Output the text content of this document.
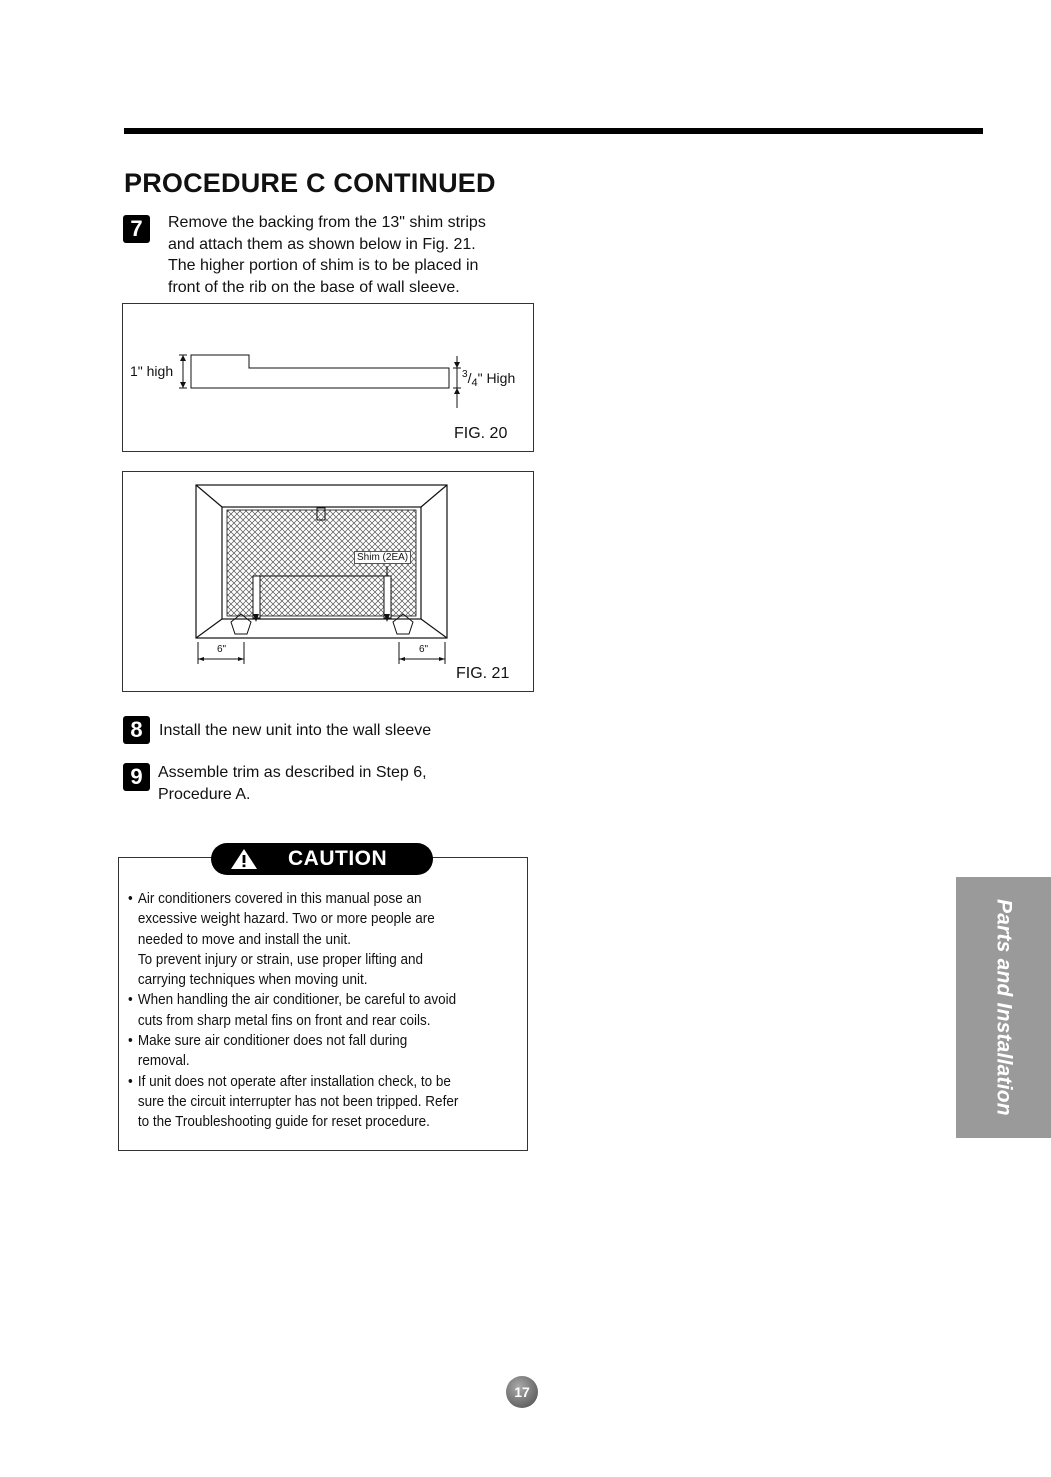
PROCEDURE C CONTINUED
7	Remove the backing from the 13" shim strips
and attach them as shown below in Fig. 21.
The higher portion of shim is to be placed in
front of the rib on the base of wall sleeve.
1" high	$^3/_4$" High
FIG. 20
Shim (2EA)
6"	6"
FIG. 21
8	Install the new unit into the wall sleeve
9 Assemble trim as described in Step 6,
Procedure A.
CAUTION
• Air conditioners covered in this manual pose an
excessive weight hazard. Two or more people are
needed to move and install the unit.
To prevent injury or strain, use proper lifting and
carrying techniques when moving unit.
• When handling the air conditioner, be careful to avoid
cuts from sharp metal fins on front and rear coils.
• Make sure air conditioner does not fall during
removal.
• If unit does not operate after installation check, to be
sure the circuit interrupter has not been tripped. Refer
to the Troubleshooting guide for reset procedure.
Parts and Installation
17
